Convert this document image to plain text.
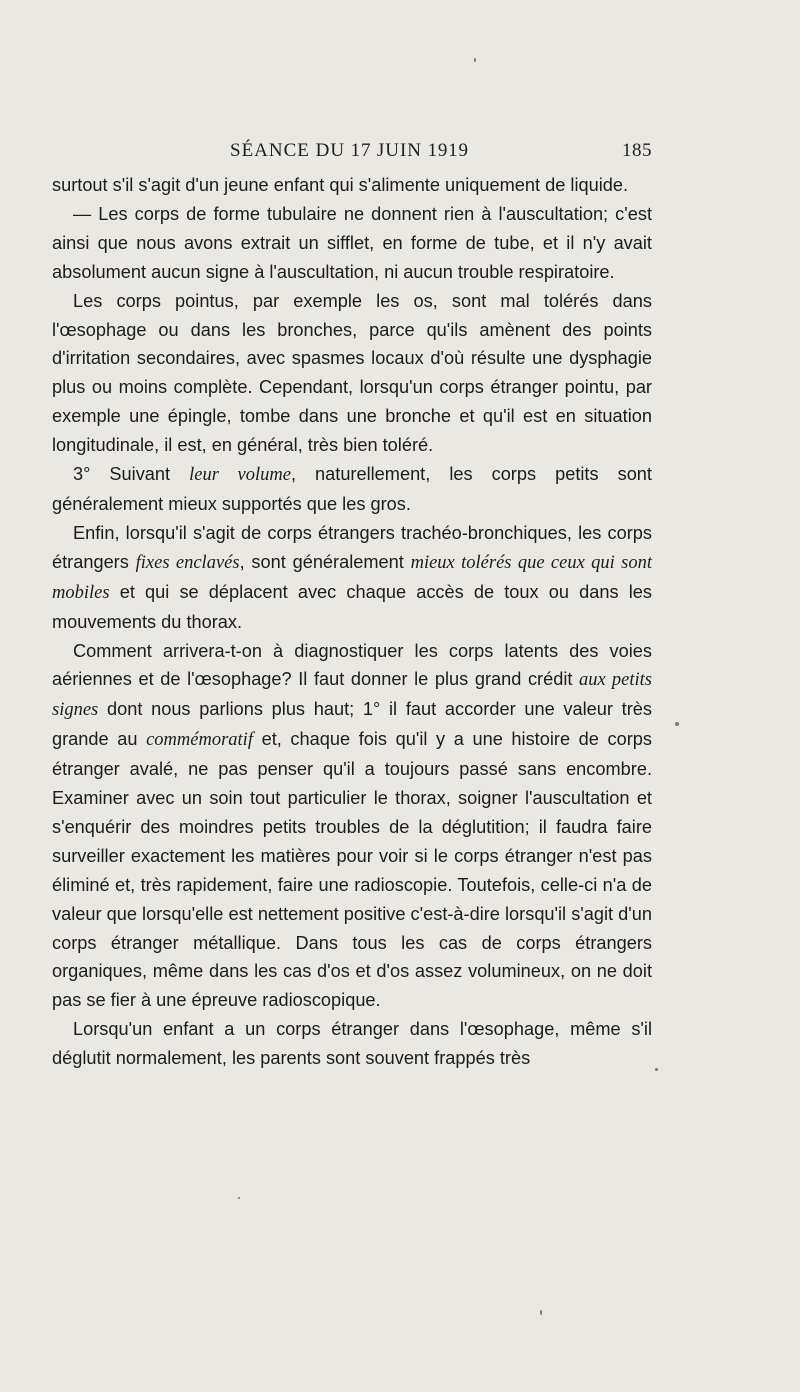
SÉANCE DU 17 JUIN 1919	185

surtout s'il s'agit d'un jeune enfant qui s'alimente uniquement de liquide.

— Les corps de forme tubulaire ne donnent rien à l'auscultation; c'est ainsi que nous avons extrait un sifflet, en forme de tube, et il n'y avait absolument aucun signe à l'auscultation, ni aucun trouble respiratoire.

Les corps pointus, par exemple les os, sont mal tolérés dans l'œsophage ou dans les bronches, parce qu'ils amènent des points d'irritation secondaires, avec spasmes locaux d'où résulte une dysphagie plus ou moins complète. Cependant, lorsqu'un corps étranger pointu, par exemple une épingle, tombe dans une bronche et qu'il est en situation longitudinale, il est, en général, très bien toléré.

3° Suivant leur volume, naturellement, les corps petits sont généralement mieux supportés que les gros.

Enfin, lorsqu'il s'agit de corps étrangers trachéo-bronchiques, les corps étrangers fixes enclavés, sont généralement mieux tolérés que ceux qui sont mobiles et qui se déplacent avec chaque accès de toux ou dans les mouvements du thorax.

Comment arrivera-t-on à diagnostiquer les corps latents des voies aériennes et de l'œsophage? Il faut donner le plus grand crédit aux petits signes dont nous parlions plus haut; 1° il faut accorder une valeur très grande au commémoratif et, chaque fois qu'il y a une histoire de corps étranger avalé, ne pas penser qu'il a toujours passé sans encombre. Examiner avec un soin tout particulier le thorax, soigner l'auscultation et s'enquérir des moindres petits troubles de la déglutition; il faudra faire surveiller exactement les matières pour voir si le corps étranger n'est pas éliminé et, très rapidement, faire une radioscopie. Toutefois, celle-ci n'a de valeur que lorsqu'elle est nettement positive c'est-à-dire lorsqu'il s'agit d'un corps étranger métallique. Dans tous les cas de corps étrangers organiques, même dans les cas d'os et d'os assez volumineux, on ne doit pas se fier à une épreuve radioscopique.

Lorsqu'un enfant a un corps étranger dans l'œsophage, même s'il déglutit normalement, les parents sont souvent frappés très
